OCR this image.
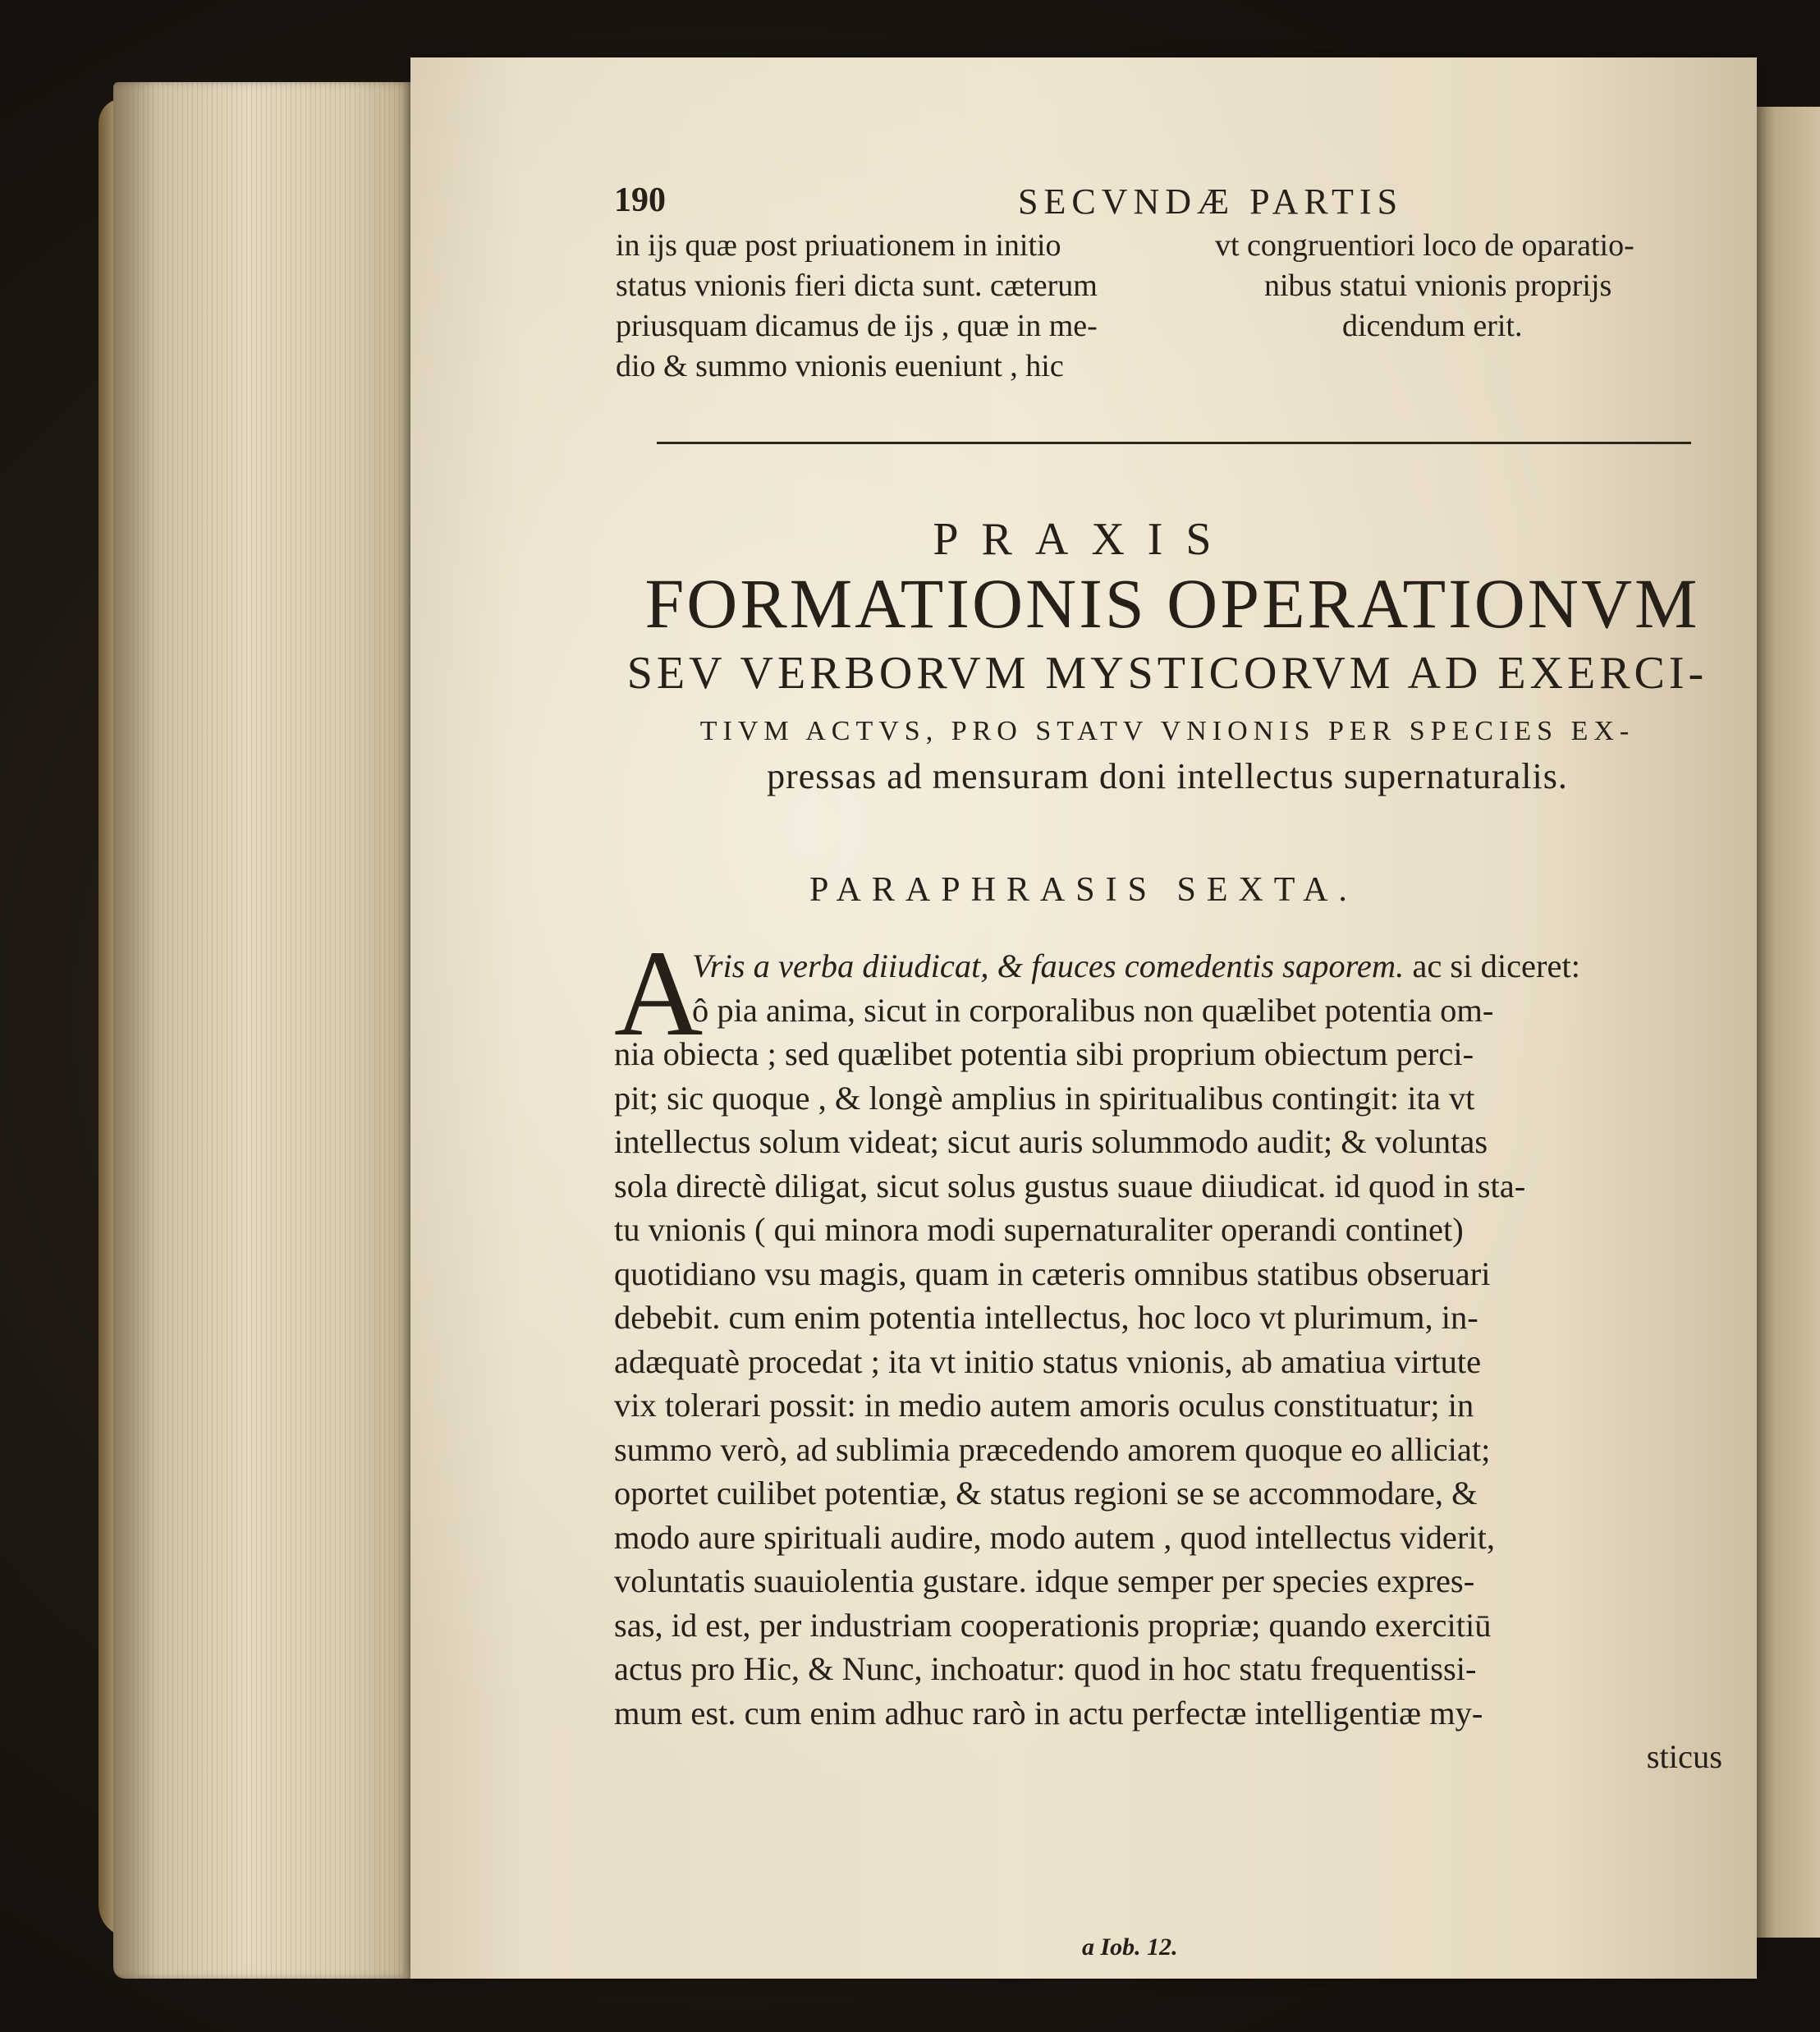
190	SECVNDÆ PARTIS
in ijs quæ post priuationem in initio
status vnionis fieri dicta sunt. cæterum
priusquam dicamus de ijs , quæ in me-
dio & summo vnionis eueniunt , hic
vt congruentiori loco de oparatio-
nibus statui vnionis proprijs
dicendum erit.
PRAXIS
FORMATIONIS OPERATIONVM
SEV VERBORVM MYSTICORVM AD EXERCI-
TIVM ACTVS, PRO STATV VNIONIS PER SPECIES EX-
pressas ad mensuram doni intellectus supernaturalis.
PARAPHRASIS SEXTA.
A
Vris a verba diiudicat, & fauces comedentis saporem. ac si diceret:
ô pia anima, sicut in corporalibus non quælibet potentia om-
nia obiecta ; sed quælibet potentia sibi proprium obiectum perci-
pit; sic quoque , & longè amplius in spiritualibus contingit: ita vt
intellectus solum videat; sicut auris solummodo audit; & voluntas
sola directè diligat, sicut solus gustus suaue diiudicat. id quod in sta-
tu vnionis ( qui minora modi supernaturaliter operandi continet)
quotidiano vsu magis, quam in cæteris omnibus statibus obseruari
debebit. cum enim potentia intellectus, hoc loco vt plurimum, in-
adæquatè procedat ; ita vt initio status vnionis, ab amatiua virtute
vix tolerari possit: in medio autem amoris oculus constituatur; in
summo verò, ad sublimia præcedendo amorem quoque eo alliciat;
oportet cuilibet potentiæ, & status regioni se se accommodare, &
modo aure spirituali audire, modo autem , quod intellectus viderit,
voluntatis suauiolentia gustare. idque semper per species expres-
sas, id est, per industriam cooperationis propriæ; quando exercitiū
actus pro Hic, & Nunc, inchoatur: quod in hoc statu frequentissi-
mum est. cum enim adhuc rarò in actu perfectæ intelligentiæ my-
sticus
a Iob. 12.
